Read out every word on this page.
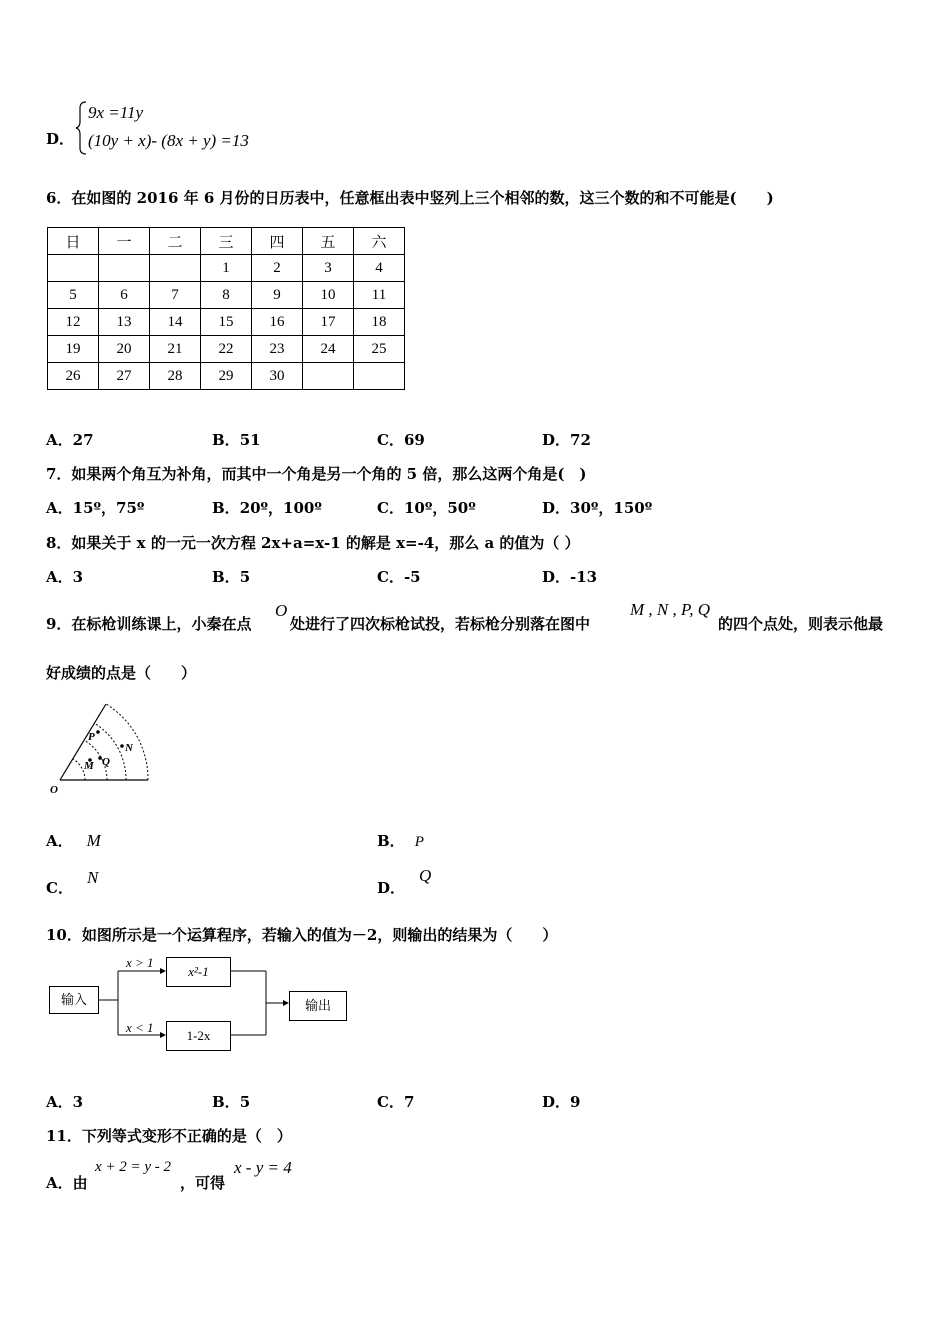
D．
9x =11y
(10y + x)- (8x + y) =13
6．在如图的 2016 年 6 月份的日历表中，任意框出表中竖列上三个相邻的数，这三个数的和不可能是(　　)
日	一	二	三	四	五	六
			1	2	3	4
5	6	7	8	9	10	11
12	13	14	15	16	17	18
19	20	21	22	23	24	25
26	27	28	29	30		
A．27	B．51	C．69	D．72
7．如果两个角互为补角，而其中一个角是另一个角的 5 倍，那么这两个角是(　)
A．15º，75º	B．20º，100º	C．10º，50º	D．30º，150º
8．如果关于 x 的一元一次方程 2x+a=x-1 的解是 x=-4，那么 a 的值为（ ）
A．3	B．5	C．-5	D．-13
9．在标枪训练课上，小秦在点
O
处进行了四次标枪试投，若标枪分别落在图中
M , N , P, Q
的四个点处，则表示他最
好成绩的点是（　　）
P
N
M Q
O
A． M	B． P
C．N
D．Q
10．如图所示是一个运算程序，若输入的值为－2，则输出的结果为（　　）
输入
x > 1
x²-1
x < 1
1-2x
输出
A．3	B．5	C．7	D．9
11．下列等式变形不正确的是（　）
A．由
x + 2 = y - 2
，可得
x - y = 4
